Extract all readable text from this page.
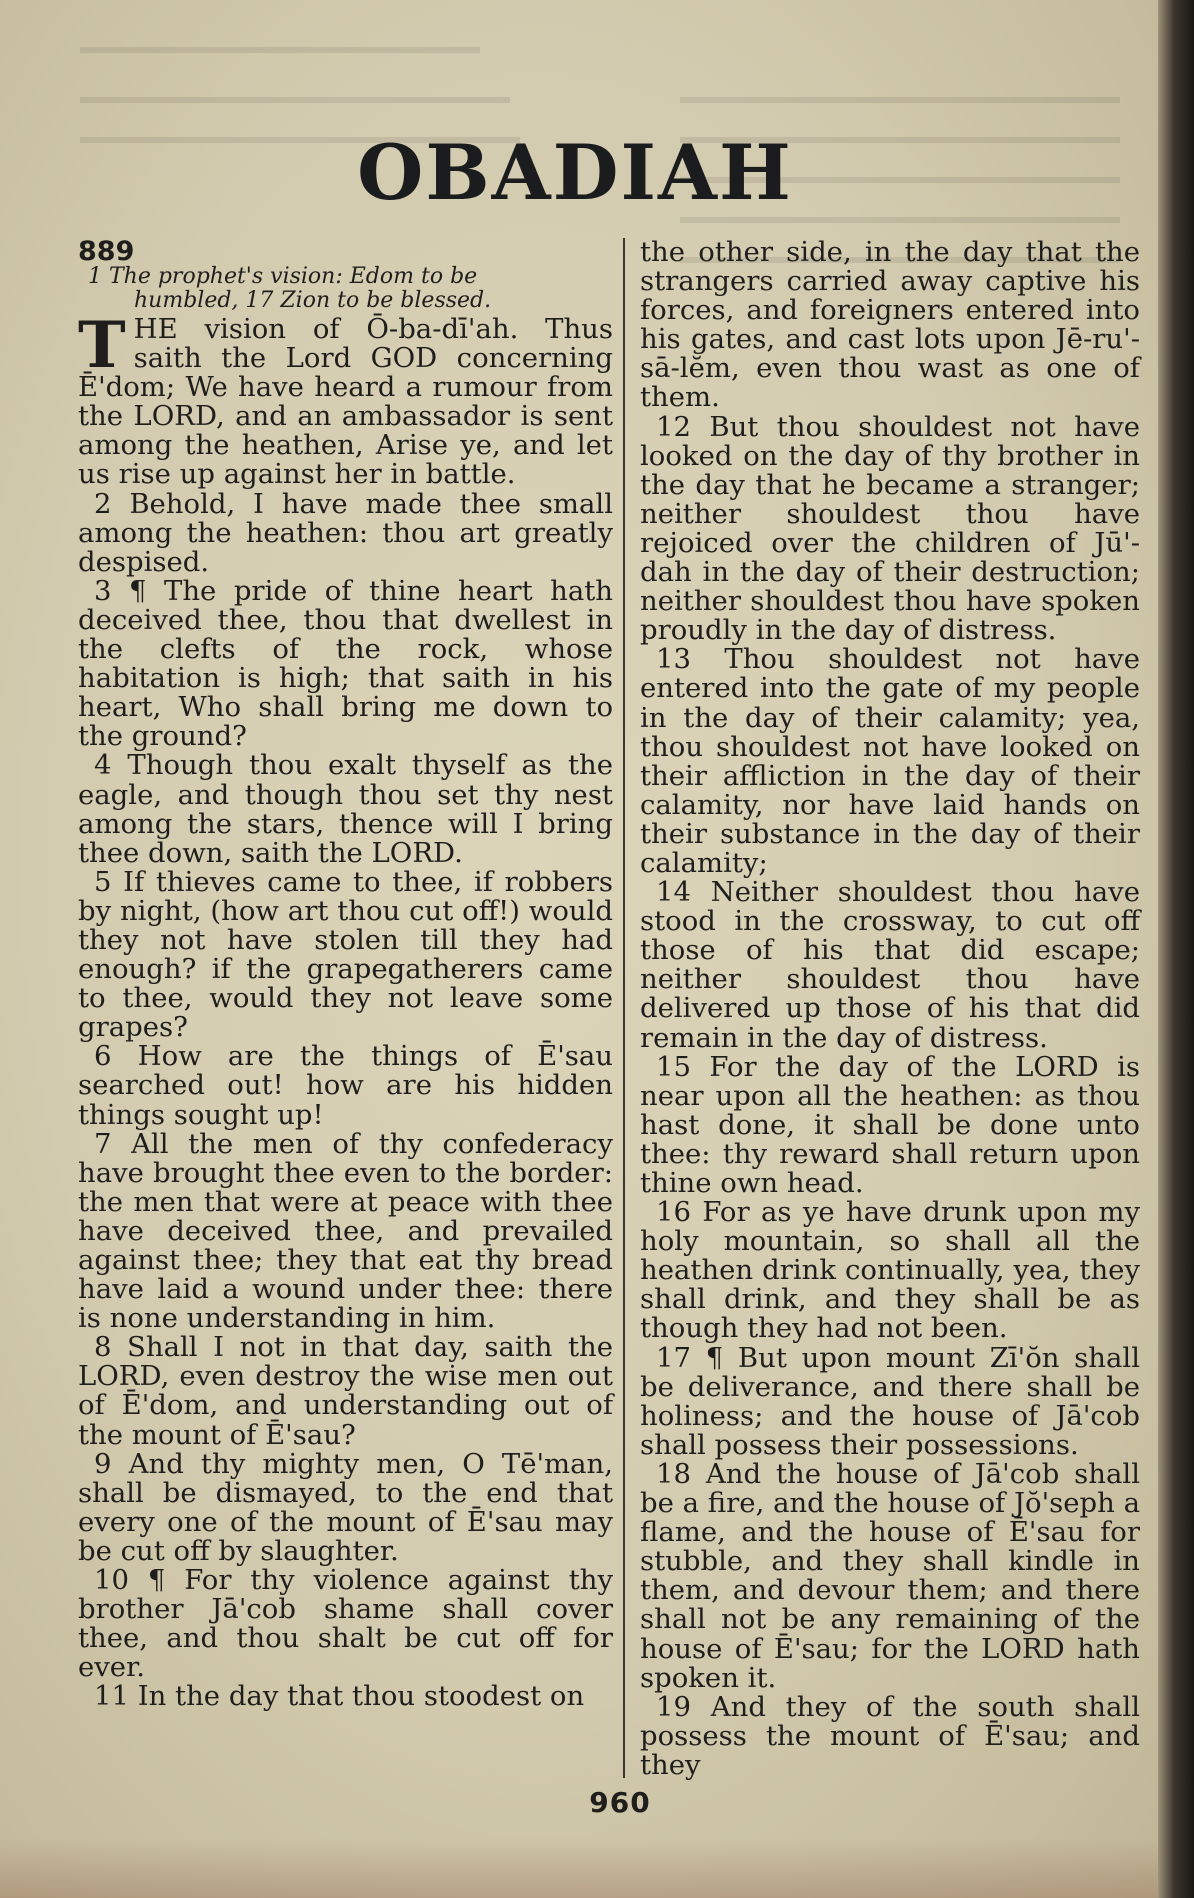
OBADIAH
889
1 The prophet's vision: Edom to be
humbled, 17 Zion to be blessed.
T HE vision of Ō-ba-dī'ah. Thus saith the Lord GOD concerning Ē'dom; We have heard a rumour from the LORD, and an ambassador is sent among the heathen, Arise ye, and let us rise up against her in battle.

2 Behold, I have made thee small among the heathen: thou art greatly despised.

3 ¶ The pride of thine heart hath deceived thee, thou that dwellest in the clefts of the rock, whose habitation is high; that saith in his heart, Who shall bring me down to the ground?

4 Though thou exalt thyself as the eagle, and though thou set thy nest among the stars, thence will I bring thee down, saith the LORD.

5 If thieves came to thee, if robbers by night, (how art thou cut off!) would they not have stolen till they had enough? if the grapegatherers came to thee, would they not leave some grapes?

6 How are the things of Ē'sau searched out! how are his hidden things sought up!

7 All the men of thy confederacy have brought thee even to the border: the men that were at peace with thee have deceived thee, and prevailed against thee; they that eat thy bread have laid a wound under thee: there is none understanding in him.

8 Shall I not in that day, saith the LORD, even destroy the wise men out of Ē'dom, and understanding out of the mount of Ē'sau?

9 And thy mighty men, O Tē'man, shall be dismayed, to the end that every one of the mount of Ē'sau may be cut off by slaughter.

10 ¶ For thy violence against thy brother Jā'cob shame shall cover thee, and thou shalt be cut off for ever.

11 In the day that thou stoodest on

the other side, in the day that the strangers carried away captive his forces, and foreigners entered into his gates, and cast lots upon Jē-ru'-sā-lĕm, even thou wast as one of them.

12 But thou shouldest not have looked on the day of thy brother in the day that he became a stranger; neither shouldest thou have rejoiced over the children of Jū'-dah in the day of their destruction; neither shouldest thou have spoken proudly in the day of distress.

13 Thou shouldest not have entered into the gate of my people in the day of their calamity; yea, thou shouldest not have looked on their affliction in the day of their calamity, nor have laid hands on their substance in the day of their calamity;

14 Neither shouldest thou have stood in the crossway, to cut off those of his that did escape; neither shouldest thou have delivered up those of his that did remain in the day of distress.

15 For the day of the LORD is near upon all the heathen: as thou hast done, it shall be done unto thee: thy reward shall return upon thine own head.

16 For as ye have drunk upon my holy mountain, so shall all the heathen drink continually, yea, they shall drink, and they shall be as though they had not been.

17 ¶ But upon mount Zī'ŏn shall be deliverance, and there shall be holiness; and the house of Jā'cob shall possess their possessions.

18 And the house of Jā'cob shall be a fire, and the house of Jŏ'seph a flame, and the house of Ē'sau for stubble, and they shall kindle in them, and devour them; and there shall not be any remaining of the house of Ē'sau; for the LORD hath spoken it.

19 And they of the south shall possess the mount of Ē'sau; and they

960
